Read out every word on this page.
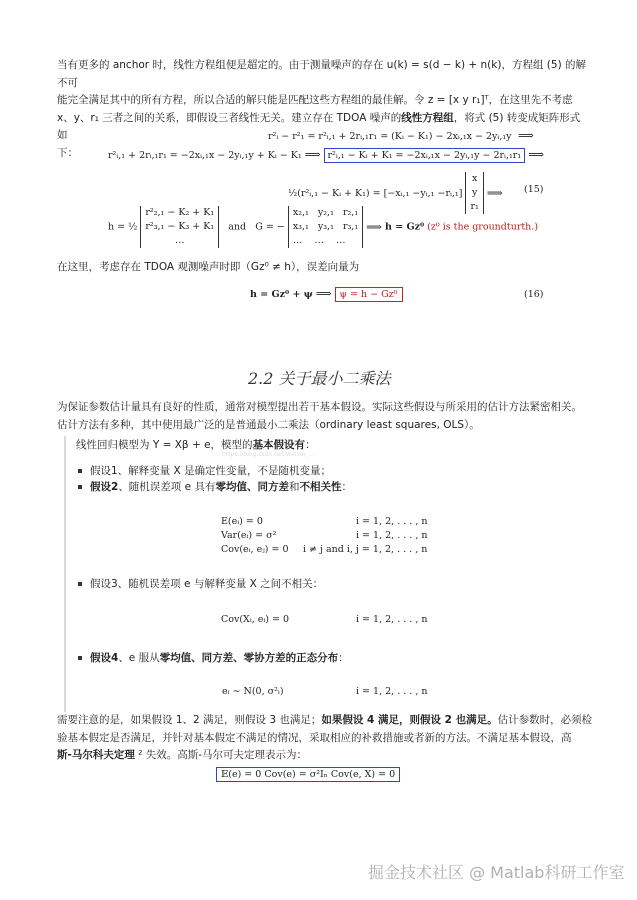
当有更多的 anchor 时，线性方程组便是超定的。由于测量噪声的存在 u(k) = s(d − k) + n(k)，方程组 (5) 的解不可
能完全满足其中的所有方程，所以合适的解只能是匹配这些方程组的最佳解。令 z = [x y r₁]ᵀ，在这里先不考虑
x、y、r₁ 三者之间的关系，即假设三者线性无关。建立存在 TDOA 噪声的线性方程组，将式 (5) 转变成矩阵形式如
下：
r²ᵢ − r²₁ = r²ᵢ,₁ + 2rᵢ,₁r₁ = (Kᵢ − K₁) − 2xᵢ,₁x − 2yᵢ,₁y  ⟹
r²ᵢ,₁ + 2rᵢ,₁r₁ = −2xᵢ,₁x − 2yᵢ,₁y + Kᵢ − K₁ ⟹ r²ᵢ,₁ − Kᵢ + K₁ = −2xᵢ,₁x − 2yᵢ,₁y − 2rᵢ,₁r₁ ⟹
½(r²ᵢ,₁ − Kᵢ + K₁) = [−xᵢ,₁ −yᵢ,₁ −rᵢ,₁]
x
y
r₁
⟹ (15)
h = ½
r²₂,₁ − K₂ + K₁
r²₃,₁ − K₃ + K₁
…
and G = −
x₂,₁ y₂,₁ r₂,₁
x₃,₁ y₃,₁ r₃,₁
… … …
⟹ h = Gz⁰ (z⁰ is the groundturth.)
在这里，考虑存在 TDOA 观测噪声时即（Gz⁰ ≠ h），误差向量为
h = Gz⁰ + ψ ⟹ ψ = h − Gz⁰	(16)
2.2 关于最小二乘法
为保证参数估计量具有良好的性质，通常对模型提出若干基本假设。实际这些假设与所采用的估计方法紧密相关。
估计方法有多种，其中使用最广泛的是普通最小二乘法（ordinary least squares, OLS）。
线性回归模型为 Y = Xβ + e，模型的基本假设有：
https://blog.csdn.net/weixin_...
假设1、解释变量 X 是确定性变量，不是随机变量；
假设2、随机误差项 e 具有零均值、同方差和不相关性：
E(eᵢ) = 0	i = 1, 2, . . . , n
Var(eᵢ) = σ²	i = 1, 2, . . . , n
Cov(eᵢ, eⱼ) = 0 i ≠ j and i, j = 1, 2, . . . , n
假设3、随机误差项 e 与解释变量 X 之间不相关：
Cov(Xᵢ, eᵢ) = 0	i = 1, 2, . . . , n
假设4、e 服从零均值、同方差、零协方差的正态分布：
eᵢ ∼ N(0, σ²ᵢ)	i = 1, 2, . . . , n
需要注意的是，如果假设 1、2 满足，则假设 3 也满足；如果假设 4 满足，则假设 2 也满足。估计参数时，必须检
验基本假定是否满足，并针对基本假定不满足的情况，采取相应的补救措施或者新的方法。不满足基本假设，高
斯-马尔科夫定理 ² 失效。高斯-马尔可夫定理表示为：
𝔼(e) = 0 Cov(e) = σ²Iₙ Cov(e, X) = 0
掘金技术社区 @ Matlab科研工作室
